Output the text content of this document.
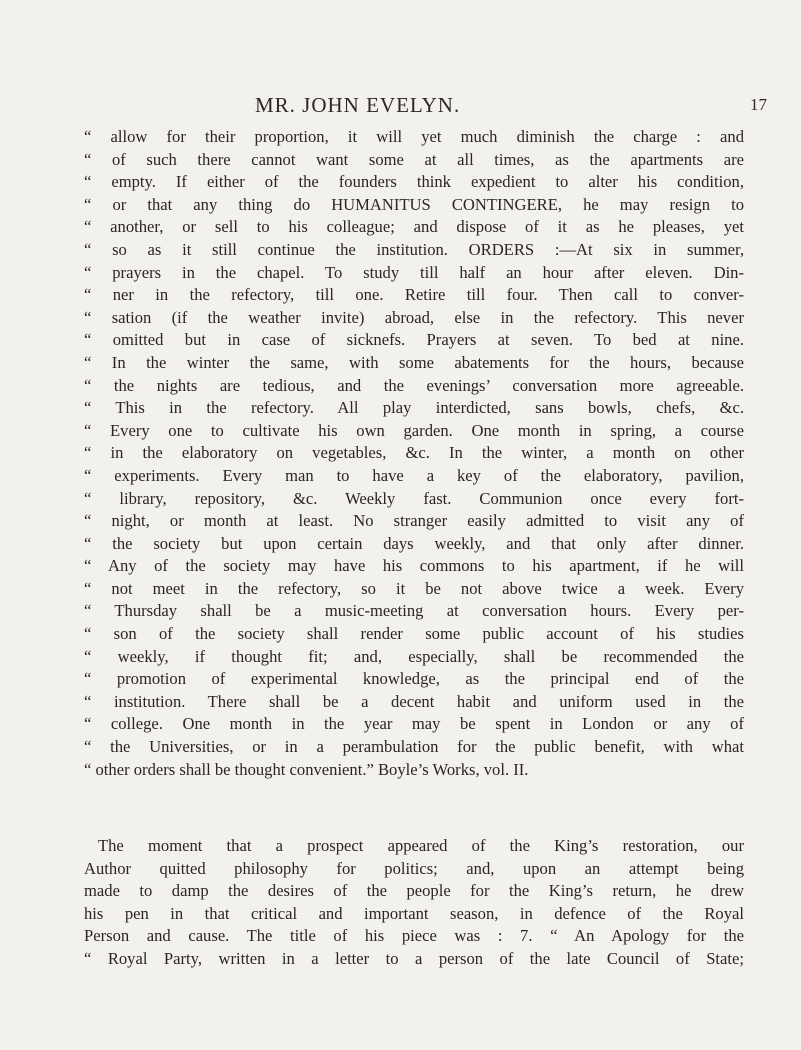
MR. JOHN EVELYN.	17
“ allow for their proportion, it will yet much diminish the charge : and
“ of such there cannot want some at all times, as the apartments are
“ empty. If either of the founders think expedient to alter his condition,
“ or that any thing do HUMANITUS CONTINGERE, he may resign to
“ another, or sell to his colleague; and dispose of it as he pleases, yet
“ so as it still continue the institution. ORDERS :—At six in summer,
“ prayers in the chapel. To study till half an hour after eleven. Din-
“ ner in the refectory, till one. Retire till four. Then call to conver-
“ sation (if the weather invite) abroad, else in the refectory. This never
“ omitted but in case of sicknefs. Prayers at seven. To bed at nine.
“ In the winter the same, with some abatements for the hours, because
“ the nights are tedious, and the evenings’ conversation more agreeable.
“ This in the refectory. All play interdicted, sans bowls, chefs, &c.
“ Every one to cultivate his own garden. One month in spring, a course
“ in the elaboratory on vegetables, &c. In the winter, a month on other
“ experiments. Every man to have a key of the elaboratory, pavilion,
“ library, repository, &c. Weekly fast. Communion once every fort-
“ night, or month at least. No stranger easily admitted to visit any of
“ the society but upon certain days weekly, and that only after dinner.
“ Any of the society may have his commons to his apartment, if he will
“ not meet in the refectory, so it be not above twice a week. Every
“ Thursday shall be a music-meeting at conversation hours. Every per-
“ son of the society shall render some public account of his studies
“ weekly, if thought fit; and, especially, shall be recommended the
“ promotion of experimental knowledge, as the principal end of the
“ institution. There shall be a decent habit and uniform used in the
“ college. One month in the year may be spent in London or any of
“ the Universities, or in a perambulation for the public benefit, with what
“ other orders shall be thought convenient.” Boyle’s Works, vol. II.
The moment that a prospect appeared of the King’s restoration, our
Author quitted philosophy for politics; and, upon an attempt being
made to damp the desires of the people for the King’s return, he drew
his pen in that critical and important season, in defence of the Royal
Person and cause. The title of his piece was : 7. “ An Apology for the
“ Royal Party, written in a letter to a person of the late Council of State;
